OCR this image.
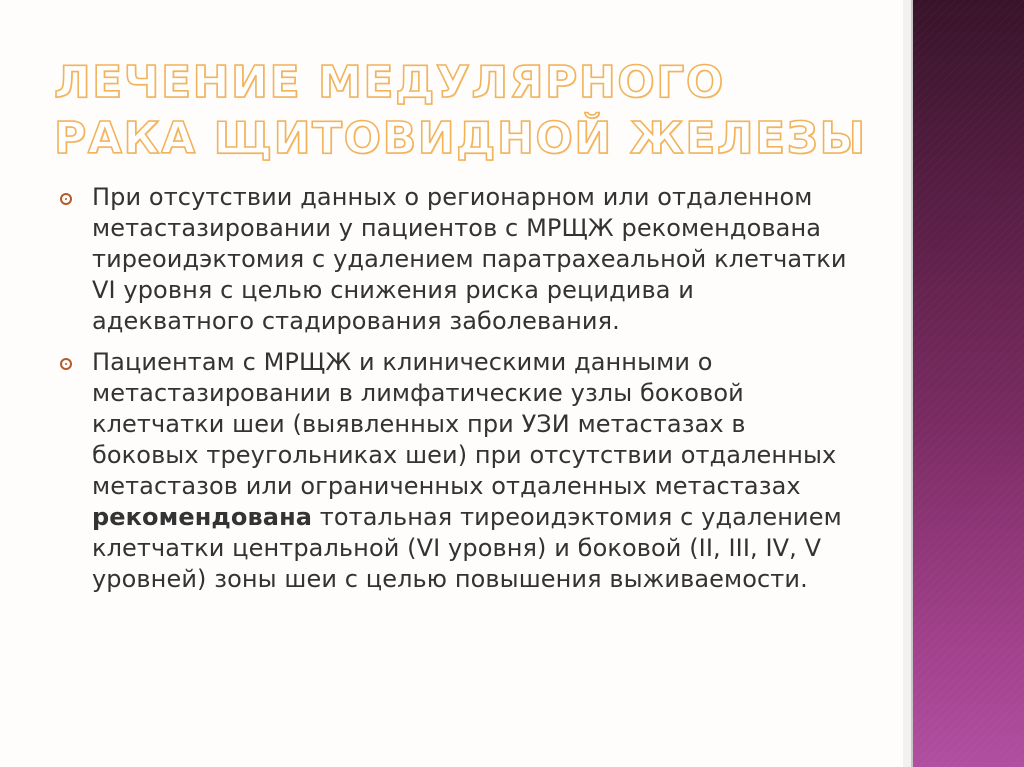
ЛЕЧЕНИЕ МЕДУЛЯРНОГО РАКА ЩИТОВИДНОЙ ЖЕЛЕЗЫ
При отсутствии данных о регионарном или отдаленном метастазировании у пациентов с МРЩЖ рекомендована тиреоидэктомия с удалением паратрахеальной клетчатки VI уровня с целью снижения риска рецидива и адекватного стадирования заболевания.
Пациентам с МРЩЖ и клиническими данными о метастазировании в лимфатические узлы боковой клетчатки шеи (выявленных при УЗИ метастазах в боковых треугольниках шеи) при отсутствии отдаленных метастазов или ограниченных отдаленных метастазах рекомендована тотальная тиреоидэктомия с удалением клетчатки центральной (VI уровня) и боковой (II, III, IV, V уровней) зоны шеи с целью повышения выживаемости.
